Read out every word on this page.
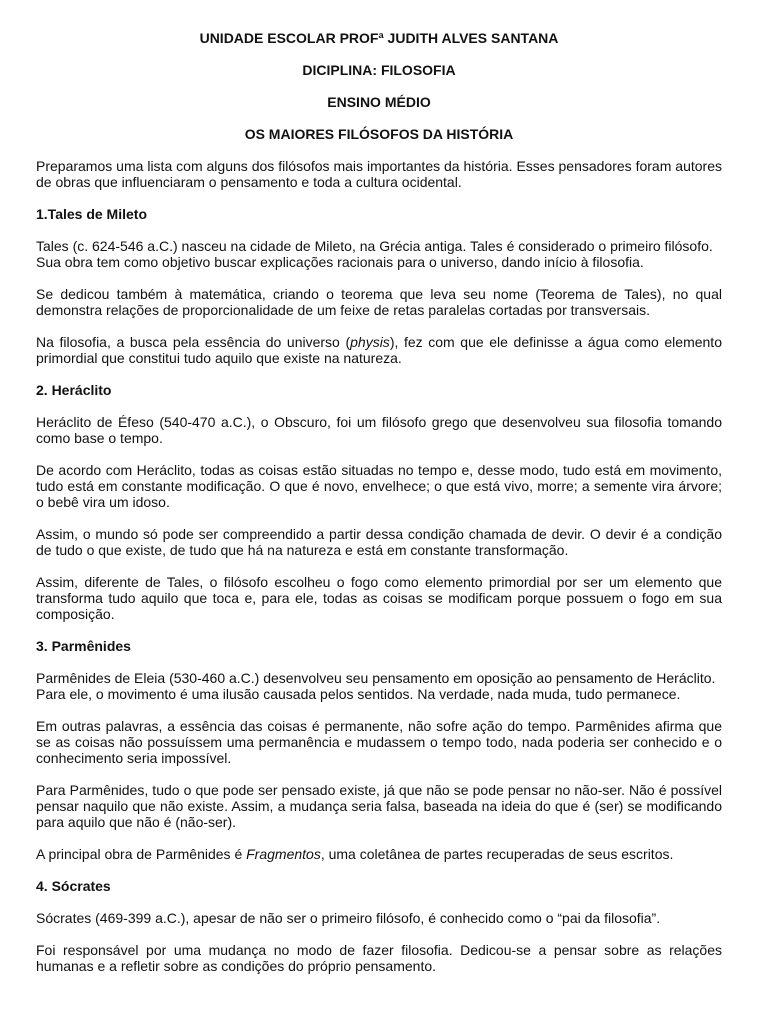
UNIDADE ESCOLAR PROFª JUDITH ALVES SANTANA
DICIPLINA: FILOSOFIA
ENSINO MÉDIO
OS MAIORES FILÓSOFOS DA HISTÓRIA

Preparamos uma lista com alguns dos filósofos mais importantes da história. Esses pensadores foram autores de obras que influenciaram o pensamento e toda a cultura ocidental.

1.Tales de Mileto

Tales (c. 624-546 a.C.) nasceu na cidade de Mileto, na Grécia antiga. Tales é considerado o primeiro filósofo. Sua obra tem como objetivo buscar explicações racionais para o universo, dando início à filosofia.

Se dedicou também à matemática, criando o teorema que leva seu nome (Teorema de Tales), no qual demonstra relações de proporcionalidade de um feixe de retas paralelas cortadas por transversais.

Na filosofia, a busca pela essência do universo (physis), fez com que ele definisse a água como elemento primordial que constitui tudo aquilo que existe na natureza.

2. Heráclito

Heráclito de Éfeso (540-470 a.C.), o Obscuro, foi um filósofo grego que desenvolveu sua filosofia tomando como base o tempo.

De acordo com Heráclito, todas as coisas estão situadas no tempo e, desse modo, tudo está em movimento, tudo está em constante modificação. O que é novo, envelhece; o que está vivo, morre; a semente vira árvore; o bebê vira um idoso.

Assim, o mundo só pode ser compreendido a partir dessa condição chamada de devir. O devir é a condição de tudo o que existe, de tudo que há na natureza e está em constante transformação.

Assim, diferente de Tales, o filósofo escolheu o fogo como elemento primordial por ser um elemento que transforma tudo aquilo que toca e, para ele, todas as coisas se modificam porque possuem o fogo em sua composição.

3. Parmênides

Parmênides de Eleia (530-460 a.C.) desenvolveu seu pensamento em oposição ao pensamento de Heráclito. Para ele, o movimento é uma ilusão causada pelos sentidos. Na verdade, nada muda, tudo permanece.

Em outras palavras, a essência das coisas é permanente, não sofre ação do tempo. Parmênides afirma que se as coisas não possuíssem uma permanência e mudassem o tempo todo, nada poderia ser conhecido e o conhecimento seria impossível.

Para Parmênides, tudo o que pode ser pensado existe, já que não se pode pensar no não-ser. Não é possível pensar naquilo que não existe. Assim, a mudança seria falsa, baseada na ideia do que é (ser) se modificando para aquilo que não é (não-ser).

A principal obra de Parmênides é Fragmentos, uma coletânea de partes recuperadas de seus escritos.

4. Sócrates

Sócrates (469-399 a.C.), apesar de não ser o primeiro filósofo, é conhecido como o “pai da filosofia”.

Foi responsável por uma mudança no modo de fazer filosofia. Dedicou-se a pensar sobre as relações humanas e a refletir sobre as condições do próprio pensamento.
